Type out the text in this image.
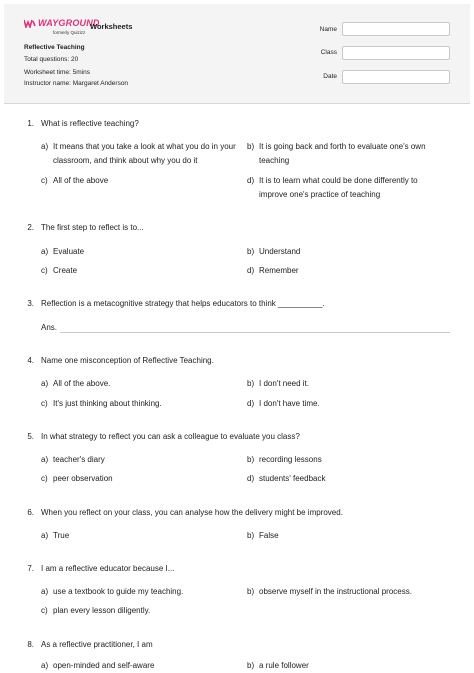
WAYGROUND
formerly Quizizz
Worksheets
Reflective Teaching
Total questions: 20
Worksheet time: 5mins
Instructor name: Margaret Anderson
Name
Class
Date
1. What is reflective teaching?
a) It means that you take a look at what you do in your
classroom, and think about why you do it
b) It is going back and forth to evaluate one's own
teaching
c) All of the above	d) It is to learn what could be done differently to
improve one's practice of teaching
2. The first step to reflect is to...
a) Evaluate	b) Understand
c) Create	d) Remember
3. Reflection is a metacognitive strategy that helps educators to think __________.
Ans.
4. Name one misconception of Reflective Teaching.
a) All of the above.	b) I don't need it.
c) It's just thinking about thinking.	d) I don't have time.
5. In what strategy to reflect you can ask a colleague to evaluate you class?
a) teacher's diary	b) recording lessons
c) peer observation	d) students' feedback
6. When you reflect on your class, you can analyse how the delivery might be improved.
a) True	b) False
7. I am a reflective educator because I...
a) use a textbook to guide my teaching.	b) observe myself in the instructional process.
c) plan every lesson diligently.
8. As a reflective practitioner, I am
a) open-minded and self-aware	b) a rule follower
